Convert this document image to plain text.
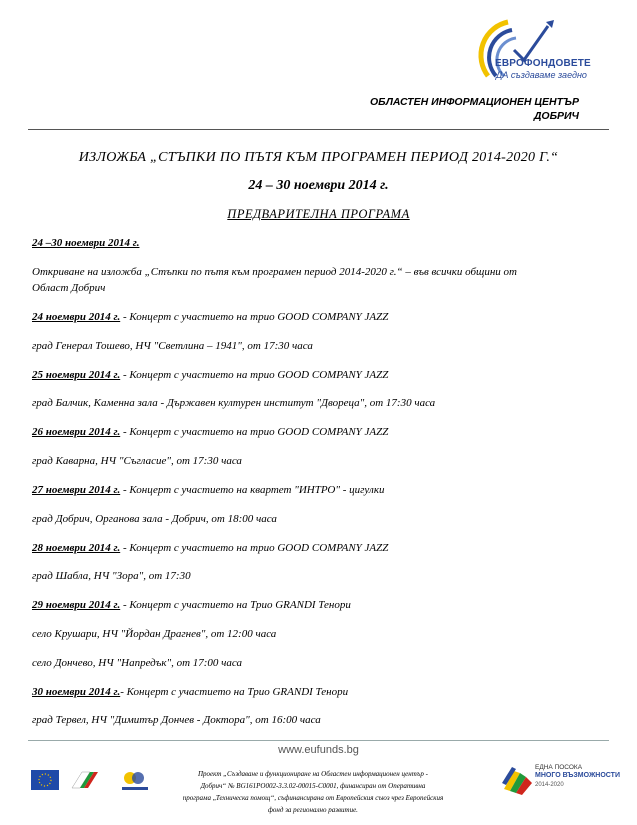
ЕВРОФОНДОВЕТЕ
ДА създаваме заедно
ОБЛАСТЕН ИНФОРМАЦИОНЕН ЦЕНТЪР
ДОБРИЧ
ИЗЛОЖБА „СТЪПКИ ПО ПЪТЯ КЪМ ПРОГРАМЕН ПЕРИОД 2014-2020 Г.“
24 – 30 ноември 2014 г.
ПРЕДВАРИТЕЛНА ПРОГРАМА
24 –30 ноември 2014 г.
Откриване на изложба „Стъпки по пътя към програмен период 2014-2020 г.“ – във всички общини от
Област Добрич
24 ноември 2014 г. - Концерт с участието на трио GOOD COMPANY JAZZ
град Генерал Тошево, НЧ "Светлина – 1941", от 17:30 часа
25 ноември 2014 г. - Концерт с участието на трио GOOD COMPANY JAZZ
град Балчик, Каменна зала - Държавен културен институт "Двореца", от 17:30 часа
26 ноември 2014 г. - Концерт с участието на трио GOOD COMPANY JAZZ
град Каварна, НЧ "Съгласие", от 17:30 часа
27 ноември 2014 г. - Концерт с участието на квартет "ИНТРО" - цигулки
град Добрич, Органова зала - Добрич, от 18:00 часа
28 ноември 2014 г. - Концерт с участието на трио GOOD COMPANY JAZZ
град Шабла, НЧ "Зора", от 17:30
29 ноември 2014 г. - Концерт с участието на Трио GRANDI Тенори
село Крушари, НЧ "Йордан Драгнев", от 12:00 часа
село Дончево, НЧ "Напредък", от 17:00 часа
30 ноември 2014 г.- Концерт с участието на Трио GRANDI Тенори
град Тервел, НЧ "Димитър Дончев - Доктора", от 16:00 часа
www.eufunds.bg
Проект „Създаване и функциониране на Областен информационен център -
Добрич“ № BG161PO002-3.3.02-00015-C0001, финансиран от Оперативна
програма „Техническа помощ“, съфинансирана от Европейския съюз чрез Европейския
фонд за регионално развитие.
ЕДНА ПОСОКА
МНОГО ВЪЗМОЖНОСТИ
2014-2020
